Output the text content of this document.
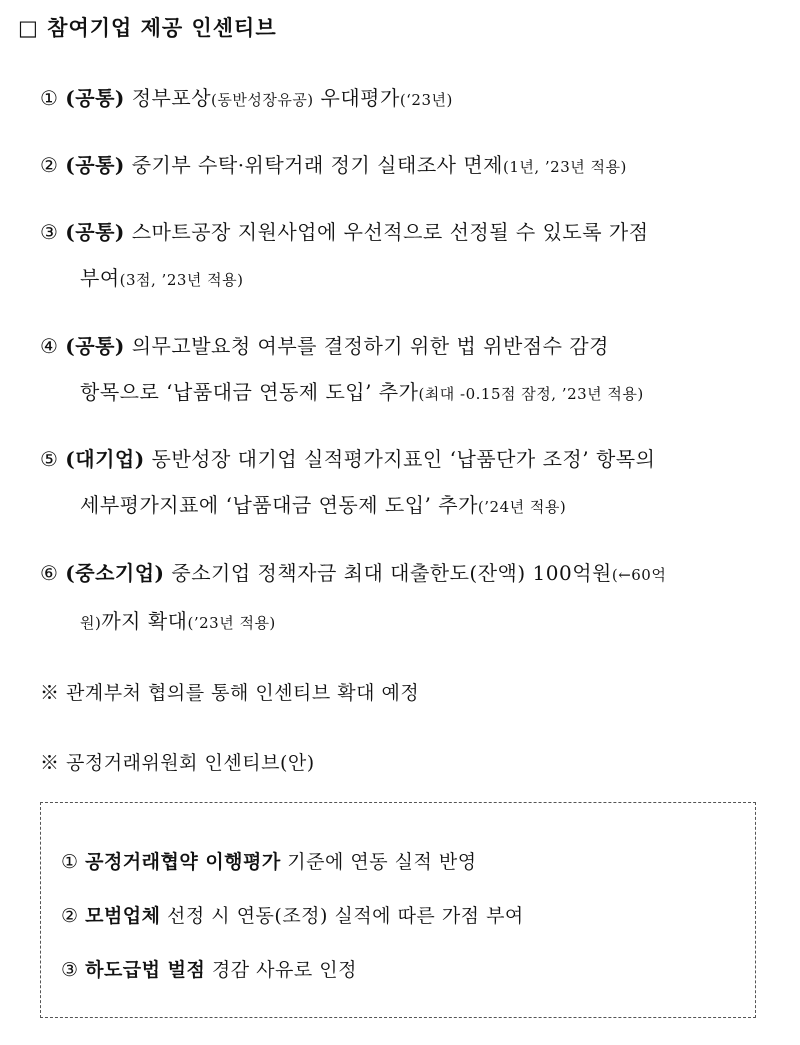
□ 참여기업 제공 인센티브
① (공통) 정부포상(동반성장유공) 우대평가(‘23년)
② (공통) 중기부 수탁·위탁거래 정기 실태조사 면제(1년, ’23년 적용)
③ (공통) 스마트공장 지원사업에 우선적으로 선정될 수 있도록 가점
부여(3점, ’23년 적용)
④ (공통) 의무고발요청 여부를 결정하기 위한 법 위반점수 감경
항목으로 ‘납품대금 연동제 도입’ 추가(최대 -0.15점 잠정, ’23년 적용)
⑤ (대기업) 동반성장 대기업 실적평가지표인 ‘납품단가 조정’ 항목의
세부평가지표에 ‘납품대금 연동제 도입’ 추가(’24년 적용)
⑥ (중소기업) 중소기업 정책자금 최대 대출한도(잔액) 100억원(←60억
원)까지 확대(’23년 적용)
※ 관계부처 협의를 통해 인센티브 확대 예정
※ 공정거래위원회 인센티브(안)
① 공정거래협약 이행평가 기준에 연동 실적 반영
② 모범업체 선정 시 연동(조정) 실적에 따른 가점 부여
③ 하도급법 벌점 경감 사유로 인정
